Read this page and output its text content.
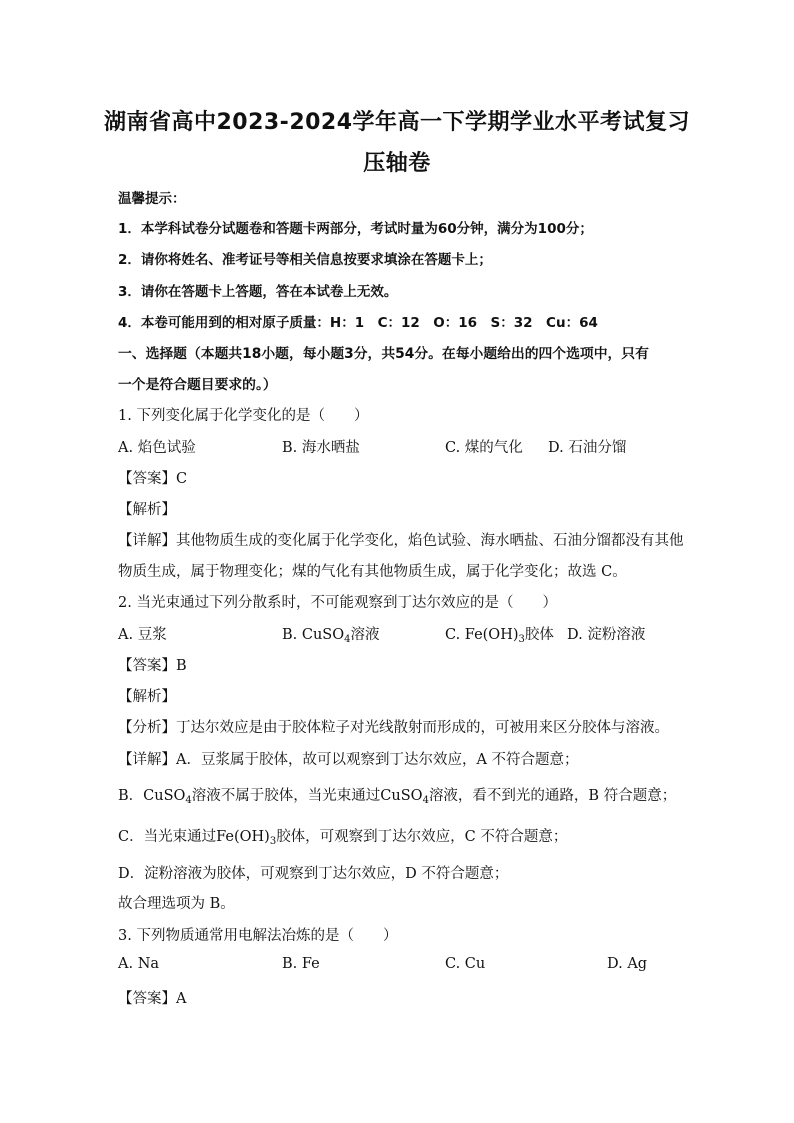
湖南省高中2023-2024学年高一下学期学业水平考试复习
压轴卷
温馨提示：
1．本学科试卷分试题卷和答题卡两部分，考试时量为60分钟，满分为100分；
2．请你将姓名、准考证号等相关信息按要求填涂在答题卡上；
3．请你在答题卡上答题，答在本试卷上无效。
4．本卷可能用到的相对原子质量：H：1　C：12　O：16　S：32　Cu：64
一、选择题（本题共18小题，每小题3分，共54分。在每小题给出的四个选项中，只有
一个是符合题目要求的。）
1. 下列变化属于化学变化的是（　　）
A. 焰色试验	B. 海水晒盐	C. 煤的气化 D. 石油分馏
【答案】C
【解析】
【详解】其他物质生成的变化属于化学变化，焰色试验、海水晒盐、石油分馏都没有其他
物质生成，属于物理变化；煤的气化有其他物质生成，属于化学变化；故选 C。
2. 当光束通过下列分散系时，不可能观察到丁达尔效应的是（　　）
A. 豆浆	B. CuSO$_4$溶液	C. $Fe(OH)_3$胶体 D. 淀粉溶液
【答案】B
【解析】
【分析】丁达尔效应是由于胶体粒子对光线散射而形成的，可被用来区分胶体与溶液。
【详解】A．豆浆属于胶体，故可以观察到丁达尔效应，A 不符合题意；
B．CuSO$_4$溶液不属于胶体，当光束通过CuSO$_4$溶液，看不到光的通路，B 符合题意；
C．当光束通过$Fe(OH)_3$胶体，可观察到丁达尔效应，C 不符合题意；
D．淀粉溶液为胶体，可观察到丁达尔效应，D 不符合题意；
故合理选项为 B。
3. 下列物质通常用电解法冶炼的是（　　）
A. Na	B. Fe	C. Cu	D. Ag
【答案】A
